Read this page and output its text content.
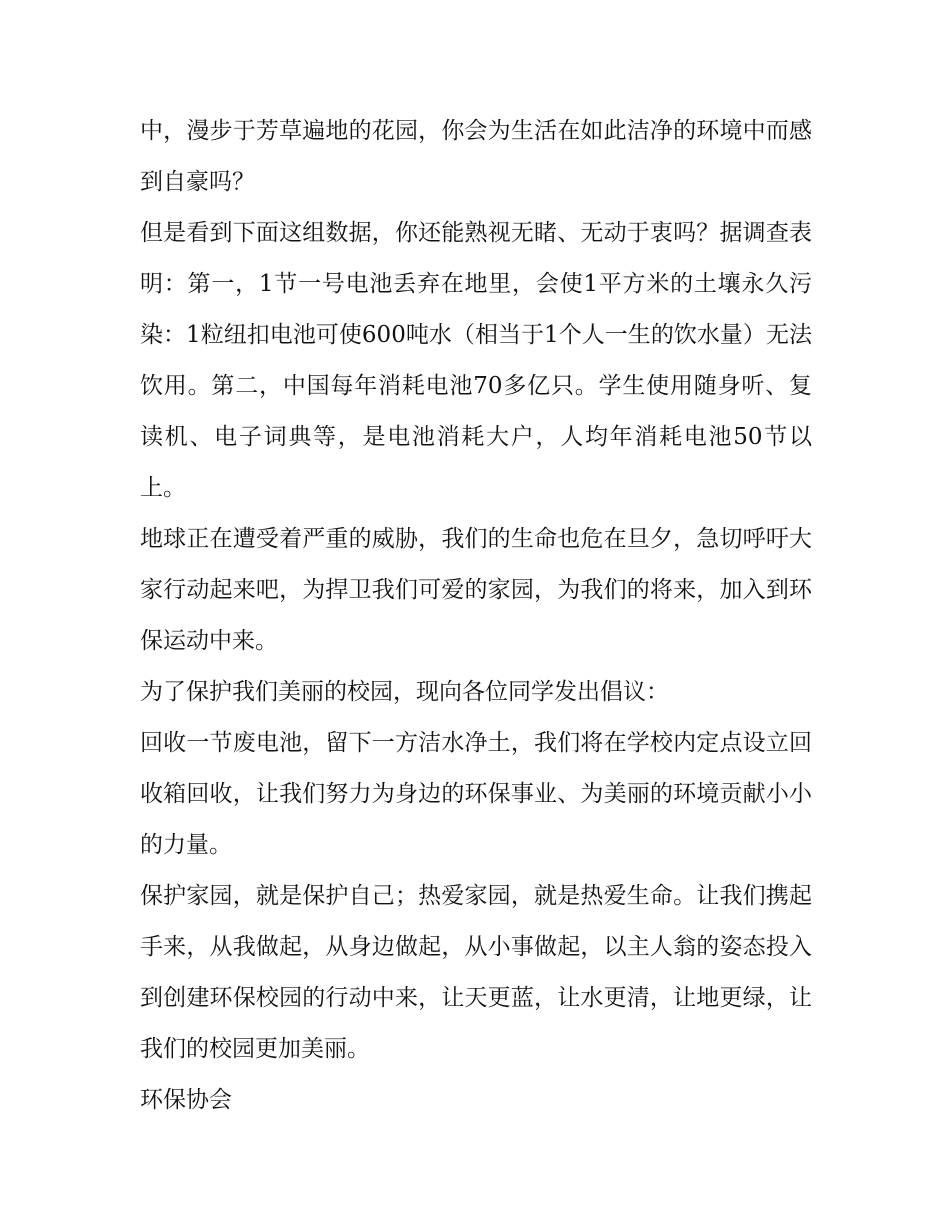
中，漫步于芳草遍地的花园，你会为生活在如此洁净的环境中而感到自豪吗？

但是看到下面这组数据，你还能熟视无睹、无动于衷吗？据调查表明：第一，1节一号电池丢弃在地里，会使1平方米的土壤永久污染：1粒纽扣电池可使600吨水（相当于1个人一生的饮水量）无法饮用。第二，中国每年消耗电池70多亿只。学生使用随身听、复读机、电子词典等，是电池消耗大户，人均年消耗电池50节以上。

地球正在遭受着严重的威胁，我们的生命也危在旦夕，急切呼吁大家行动起来吧，为捍卫我们可爱的家园，为我们的将来，加入到环保运动中来。

为了保护我们美丽的校园，现向各位同学发出倡议：

回收一节废电池，留下一方洁水净土，我们将在学校内定点设立回收箱回收，让我们努力为身边的环保事业、为美丽的环境贡献小小的力量。

保护家园，就是保护自己；热爱家园，就是热爱生命。让我们携起手来，从我做起，从身边做起，从小事做起，以主人翁的姿态投入到创建环保校园的行动中来，让天更蓝，让水更清，让地更绿，让我们的校园更加美丽。

环保协会
